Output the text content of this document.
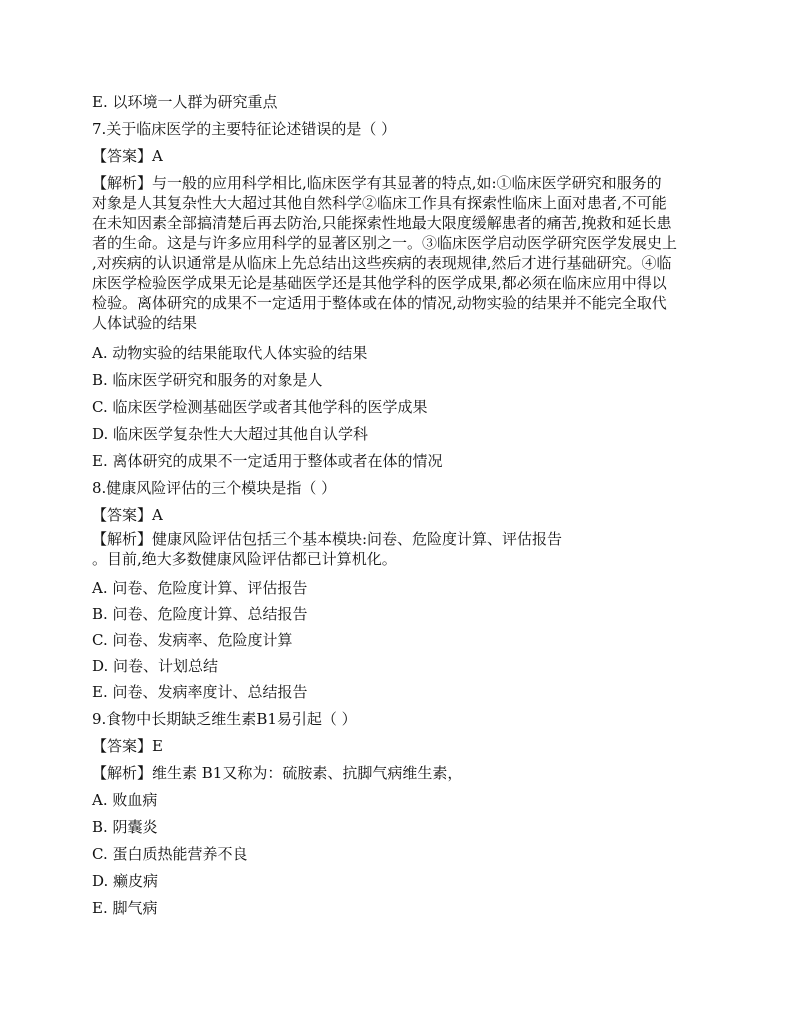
E. 以环境一人群为研究重点
7.关于临床医学的主要特征论述错误的是（ ）
【答案】A
【解析】与一般的应用科学相比,临床医学有其显著的特点,如:①临床医学研究和服务的
对象是人其复杂性大大超过其他自然科学②临床工作具有探索性临床上面对患者,不可能
在未知因素全部搞清楚后再去防治,只能探索性地最大限度缓解患者的痛苦,挽救和延长患
者的生命。这是与许多应用科学的显著区别之一。③临床医学启动医学研究医学发展史上
,对疾病的认识通常是从临床上先总结出这些疾病的表现规律,然后才进行基础研究。④临
床医学检验医学成果无论是基础医学还是其他学科的医学成果,都必须在临床应用中得以
检验。离体研究的成果不一定适用于整体或在体的情况,动物实验的结果并不能完全取代
人体试验的结果
A. 动物实验的结果能取代人体实验的结果
B. 临床医学研究和服务的对象是人
C. 临床医学检测基础医学或者其他学科的医学成果
D. 临床医学复杂性大大超过其他自认学科
E. 离体研究的成果不一定适用于整体或者在体的情况
8.健康风险评估的三个模块是指（ ）
【答案】A
【解析】健康风险评估包括三个基本模块:问卷、危险度计算、评估报告
。目前,绝大多数健康风险评估都已计算机化。
A. 问卷、危险度计算、评估报告
B. 问卷、危险度计算、总结报告
C. 问卷、发病率、危险度计算
D. 问卷、计划总结
E. 问卷、发病率度计、总结报告
9.食物中长期缺乏维生素B1易引起（ ）
【答案】E
【解析】维生素 B1又称为：硫胺素、抗脚气病维生素，
A. 败血病
B. 阴囊炎
C. 蛋白质热能营养不良
D. 癞皮病
E. 脚气病
